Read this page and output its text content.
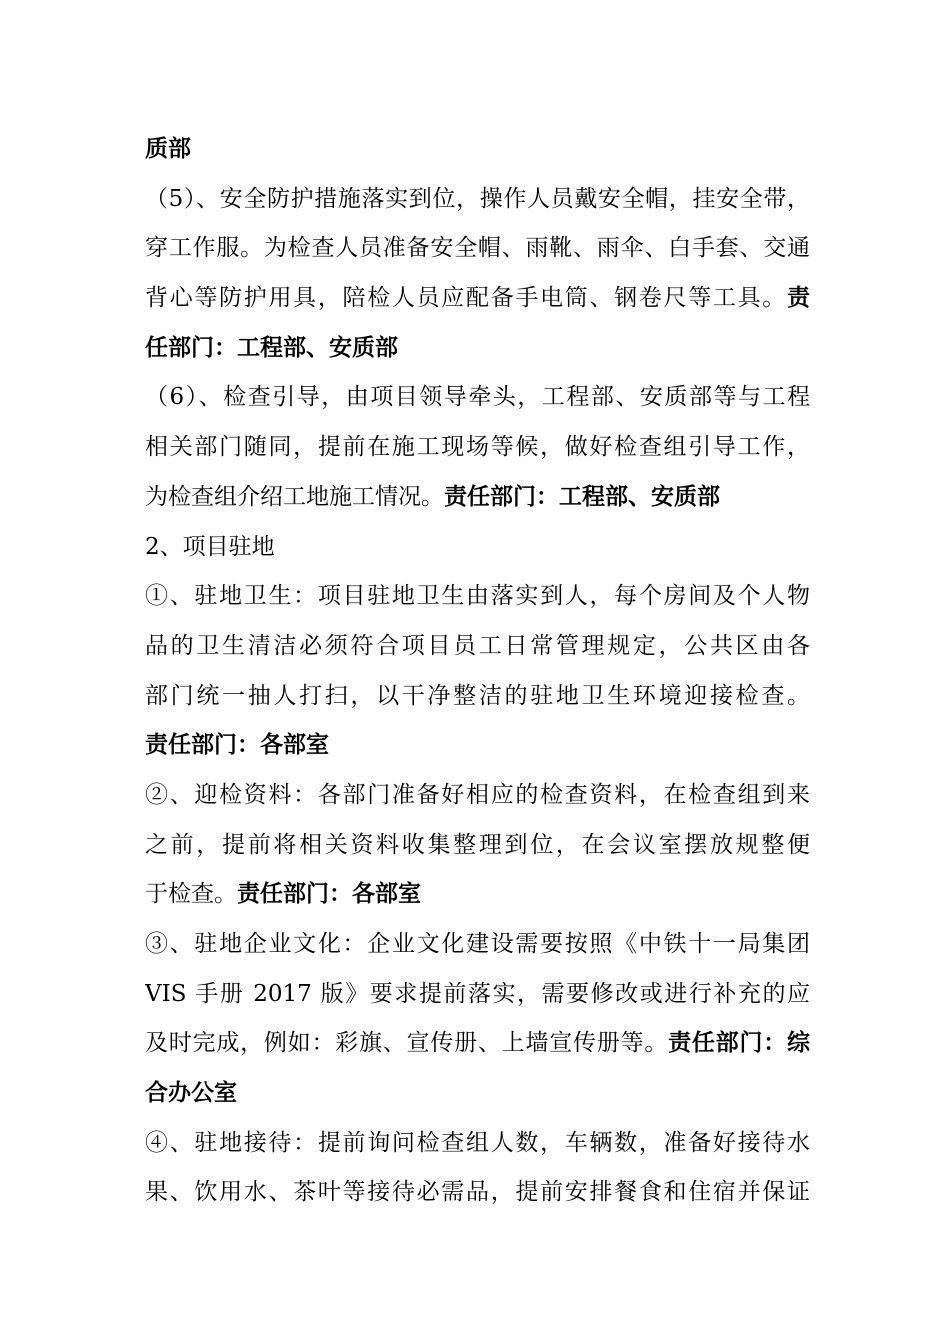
质部
（5）、安全防护措施落实到位，操作人员戴安全帽，挂安全带，
穿工作服。为检查人员准备安全帽、雨靴、雨伞、白手套、交通
背心等防护用具，陪检人员应配备手电筒、钢卷尺等工具。责
任部门：工程部、安质部
（6）、检查引导，由项目领导牵头，工程部、安质部等与工程
相关部门随同，提前在施工现场等候，做好检查组引导工作，
为检查组介绍工地施工情况。责任部门：工程部、安质部
2、项目驻地
①、驻地卫生：项目驻地卫生由落实到人，每个房间及个人物
品的卫生清洁必须符合项目员工日常管理规定，公共区由各
部门统一抽人打扫，以干净整洁的驻地卫生环境迎接检查。
责任部门：各部室
②、迎检资料：各部门准备好相应的检查资料，在检查组到来
之前，提前将相关资料收集整理到位，在会议室摆放规整便
于检查。责任部门：各部室
③、驻地企业文化：企业文化建设需要按照《中铁十一局集团
VIS 手册 2017 版》要求提前落实，需要修改或进行补充的应
及时完成，例如：彩旗、宣传册、上墙宣传册等。责任部门：综
合办公室
④、驻地接待：提前询问检查组人数，车辆数，准备好接待水
果、饮用水、茶叶等接待必需品，提前安排餐食和住宿并保证
